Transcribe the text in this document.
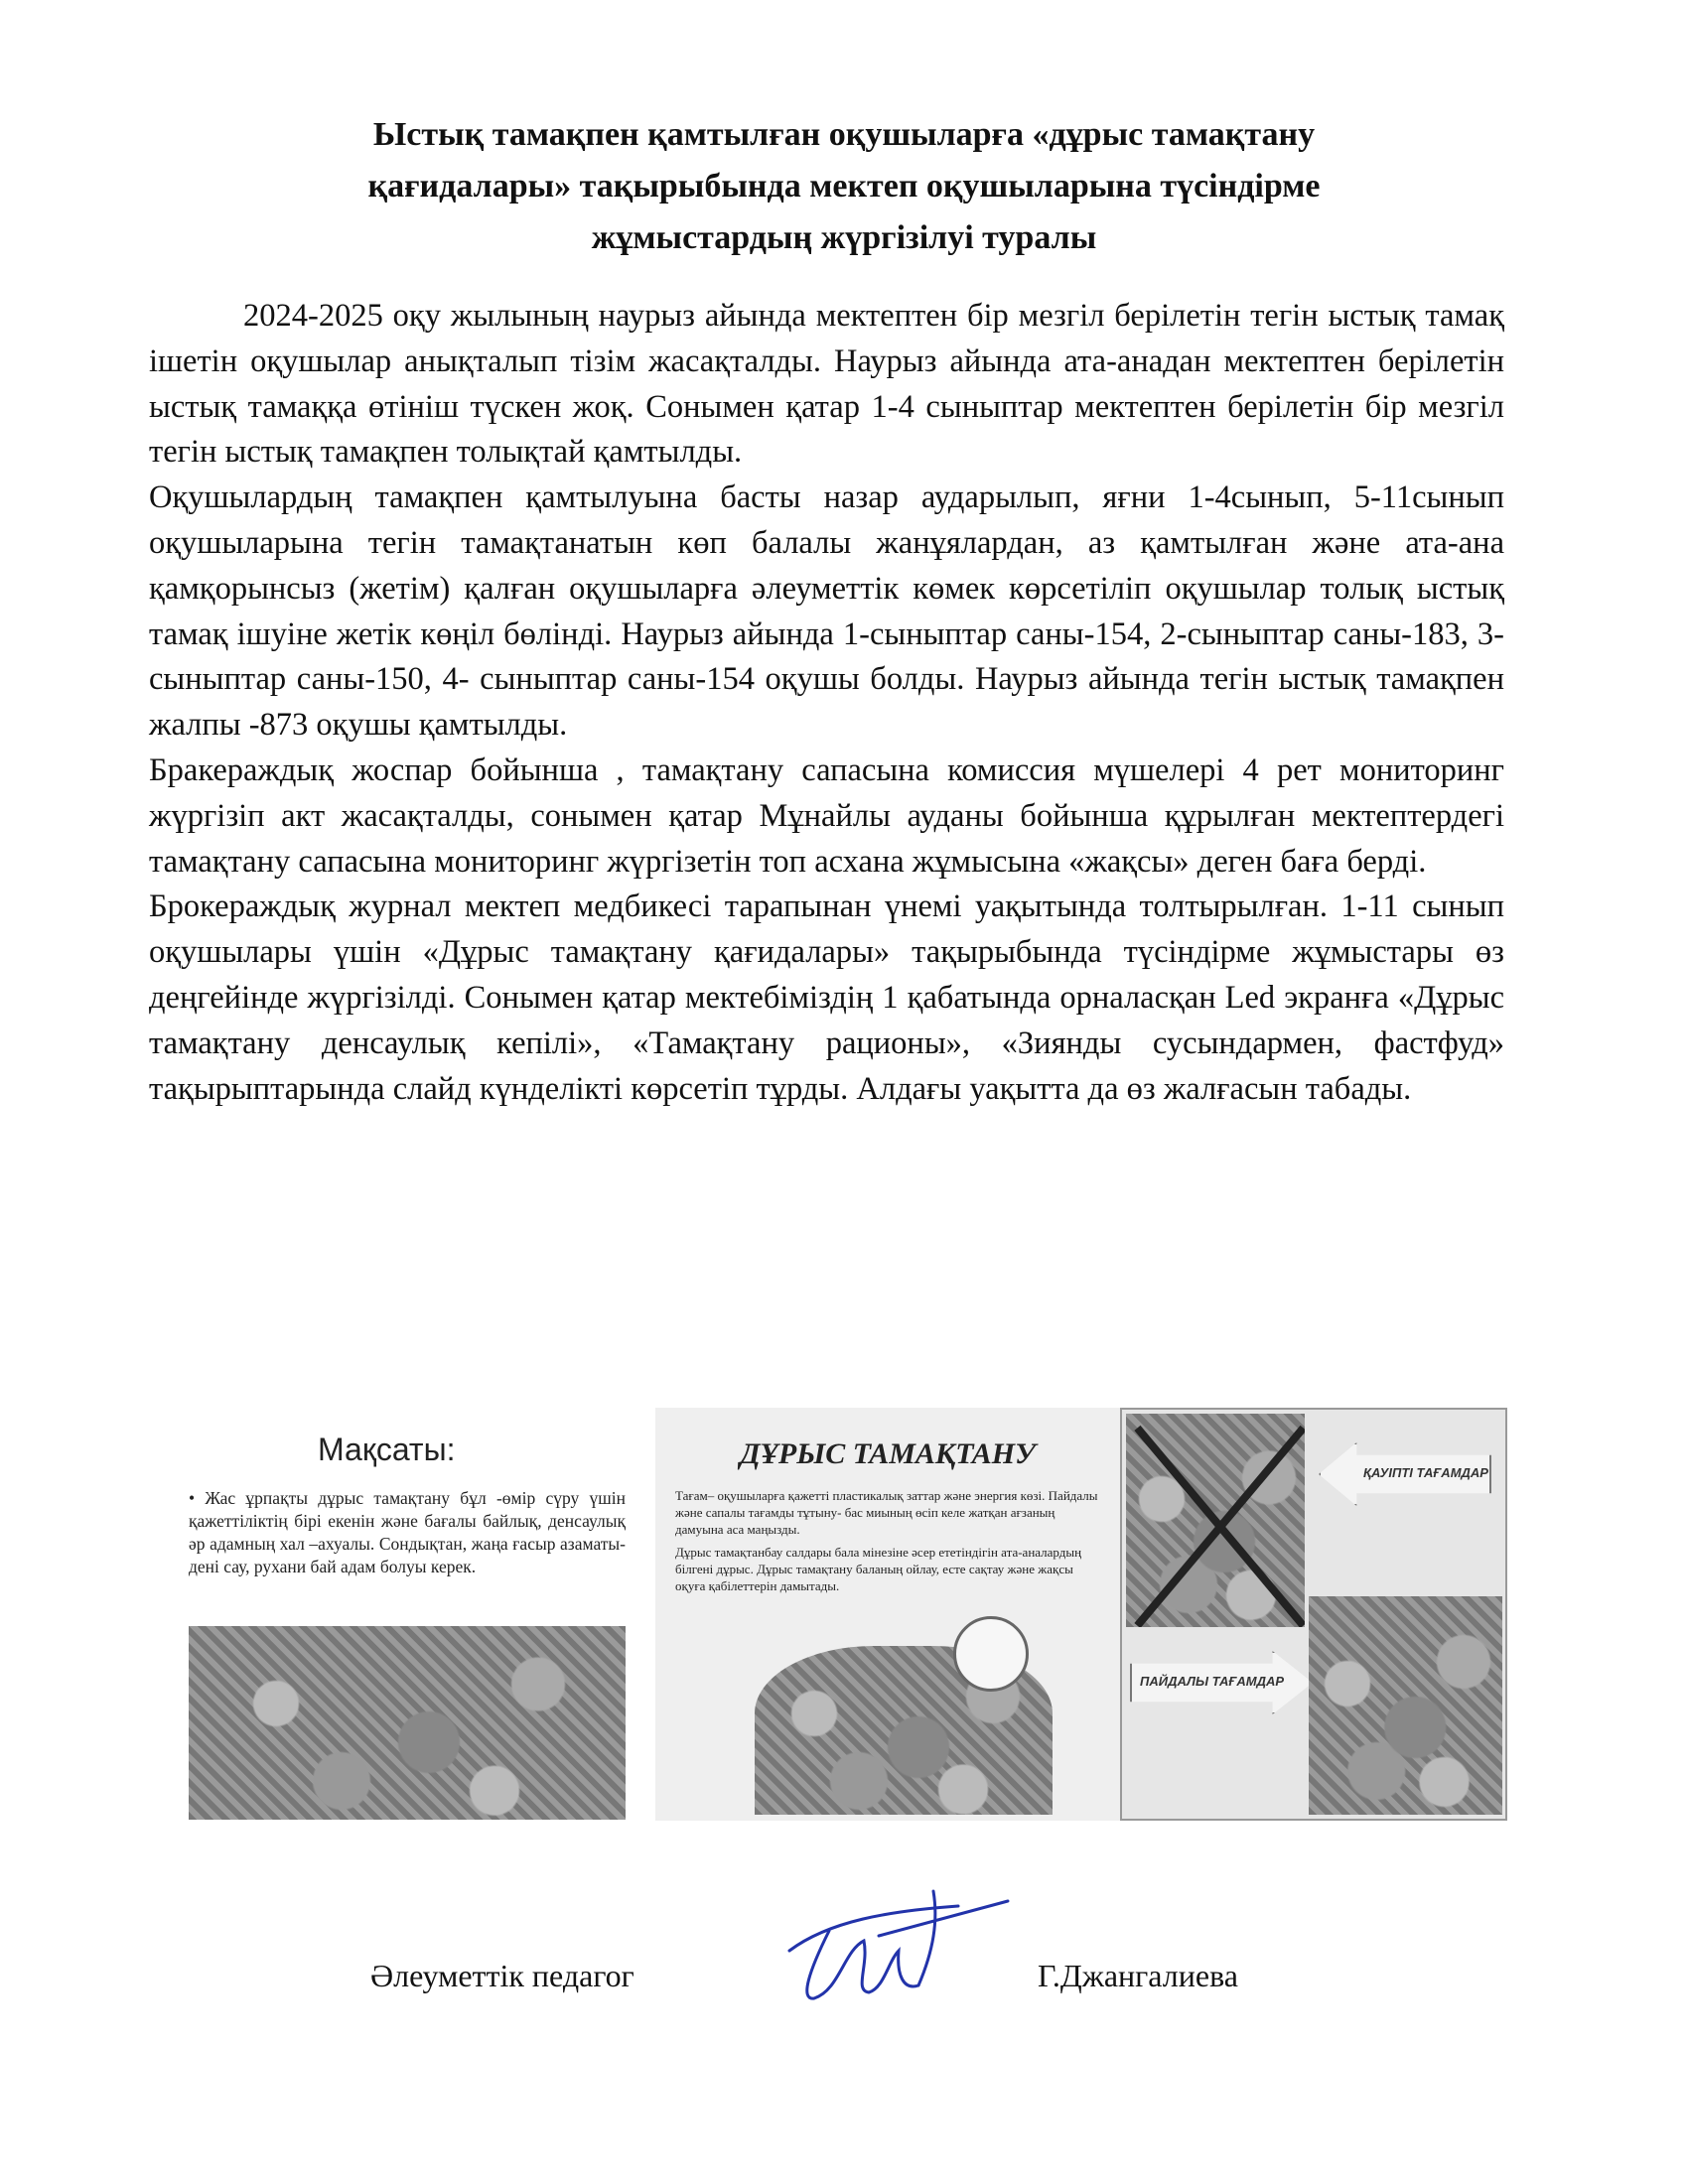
Ыстық тамақпен қамтылған оқушыларға «дұрыс тамақтану
қағидалары» тақырыбында мектеп оқушыларына түсіндірме
жұмыстардың жүргізілуі туралы

2024-2025 оқу жылының наурыз айында мектептен бір мезгіл берілетін тегін ыстық тамақ ішетін оқушылар анықталып тізім жасақталды. Наурыз айында ата-анадан мектептен берілетін ыстық тамаққа өтініш түскен жоқ. Сонымен қатар 1-4 сыныптар мектептен берілетін бір мезгіл тегін ыстық тамақпен толықтай қамтылды.

Оқушылардың тамақпен қамтылуына басты назар аударылып, яғни 1-4сынып, 5-11сынып оқушыларына тегін тамақтанатын көп балалы жанұялардан, аз қамтылған және ата-ана қамқорынсыз (жетім) қалған оқушыларға әлеуметтік көмек көрсетіліп оқушылар толық ыстық тамақ ішуіне жетік көңіл бөлінді. Наурыз айында 1-сыныптар саны-154, 2-сыныптар саны-183, 3- сыныптар саны-150, 4- сыныптар саны-154 оқушы болды. Наурыз айында тегін ыстық тамақпен жалпы -873 оқушы қамтылды.

Бракераждық жоспар бойынша , тамақтану сапасына комиссия мүшелері 4 рет мониторинг жүргізіп акт жасақталды, сонымен қатар Мұнайлы ауданы бойынша құрылған мектептердегі тамақтану сапасына мониторинг жүргізетін топ асхана жұмысына «жақсы» деген баға берді.

Брокераждық журнал мектеп медбикесі тарапынан үнемі уақытында толтырылған. 1-11 сынып оқушылары үшін «Дұрыс тамақтану қағидалары» тақырыбында түсіндірме жұмыстары өз деңгейінде жүргізілді. Сонымен қатар мектебіміздің 1 қабатында орналасқан Led экранға «Дұрыс тамақтану денсаулық кепілі», «Тамақтану рационы», «Зиянды сусындармен, фастфуд» тақырыптарында слайд күнделікті көрсетіп тұрды. Алдағы уақытта да өз жалғасын табады.

Мақсаты:
• Жас ұрпақты дұрыс тамақтану бұл -өмір сүру үшін қажеттіліктің бірі екенін және бағалы байлық, денсаулық әр адамның хал –ахуалы. Сондықтан, жаңа ғасыр азаматы-дені сау, рухани бай адам болуы керек.
ДҰРЫС ТАМАҚТАНУ

Тағам– оқушыларға қажетті пластикалық заттар және энергия көзі. Пайдалы және сапалы тағамды тұтыну- бас миының өсіп келе жатқан ағзаның дамуына аса маңызды.

Дұрыс тамақтанбау салдары бала мінезіне әсер ететіндігін ата-аналардың білгені дұрыс. Дұрыс тамақтану баланың ойлау, есте сақтау және жақсы оқуға қабілеттерін дамытады.

ҚАУІПТІ ТАҒАМДАР
ПАЙДАЛЫ ТАҒАМДАР
Әлеуметтік педагог	Г.Джангалиева
